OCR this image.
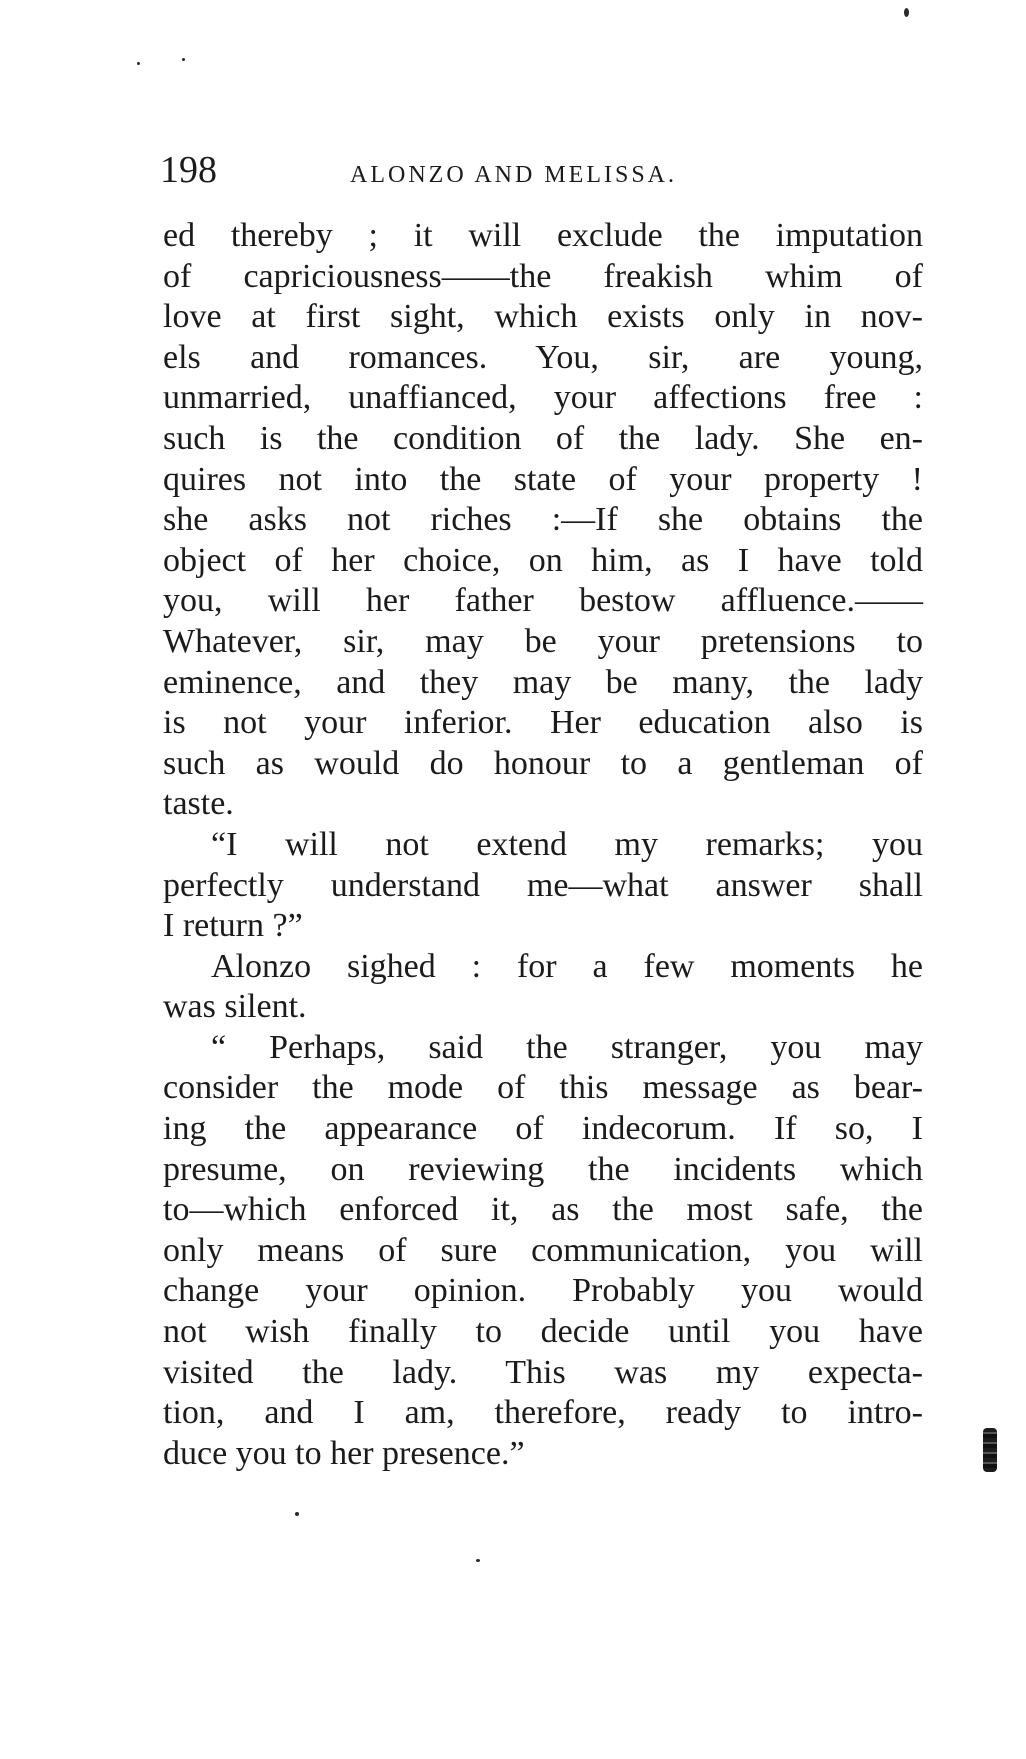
198	ALONZO AND MELISSA.
ed thereby ; it will exclude the imputation
of capriciousness——the freakish whim of
love at first sight, which exists only in nov-
els and romances. You, sir, are young,
unmarried, unaffianced, your affections free :
such is the condition of the lady. She en-
quires not into the state of your property !
she asks not riches :—If she obtains the
object of her choice, on him, as I have told
you, will her father bestow affluence.——
Whatever, sir, may be your pretensions to
eminence, and they may be many, the lady
is not your inferior. Her education also is
such as would do honour to a gentleman of
taste.
“I will not extend my remarks; you
perfectly understand me—what answer shall
I return ?”
Alonzo sighed : for a few moments he
was silent.
“ Perhaps, said the stranger, you may
consider the mode of this message as bear-
ing the appearance of indecorum. If so, I
presume, on reviewing the incidents which
to—which enforced it, as the most safe, the
only means of sure communication, you will
change your opinion. Probably you would
not wish finally to decide until you have
visited the lady. This was my expecta-
tion, and I am, therefore, ready to intro-
duce you to her presence.”
